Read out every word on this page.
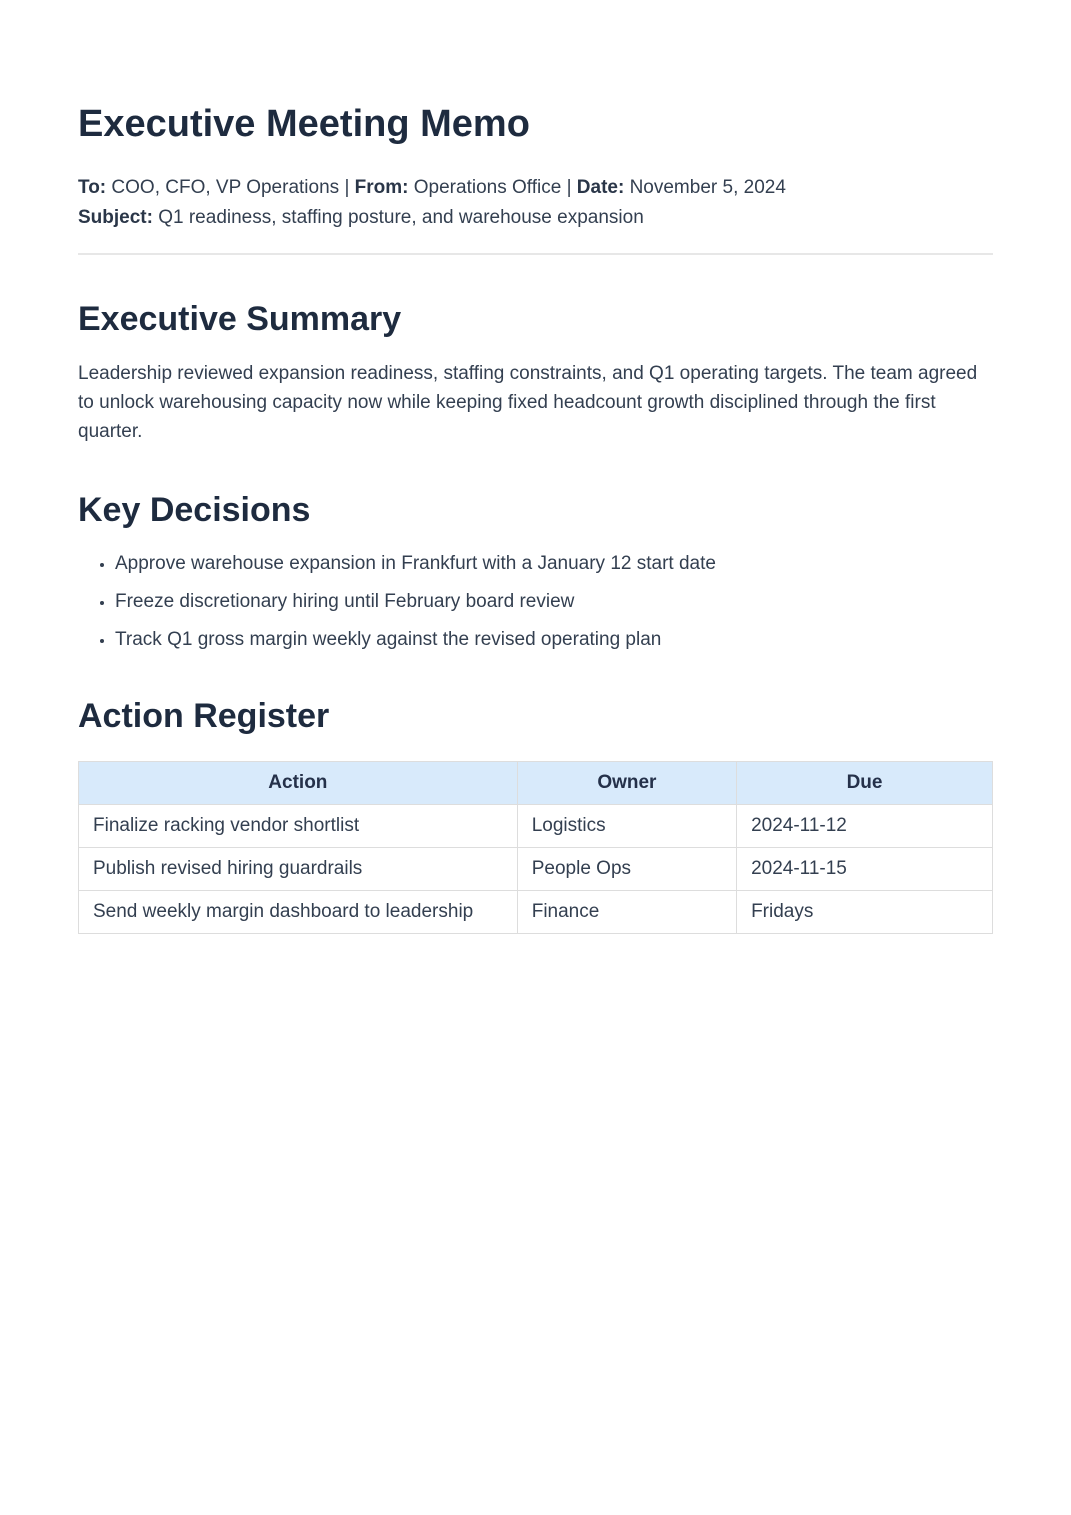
Executive Meeting Memo
To: COO, CFO, VP Operations | From: Operations Office | Date: November 5, 2024
Subject: Q1 readiness, staffing posture, and warehouse expansion
Executive Summary

Leadership reviewed expansion readiness, staffing constraints, and Q1 operating targets. The team agreed to unlock warehousing capacity now while keeping fixed headcount growth disciplined through the first quarter.

Key Decisions
• Approve warehouse expansion in Frankfurt with a January 12 start date
• Freeze discretionary hiring until February board review
• Track Q1 gross margin weekly against the revised operating plan
Action Register
Action	Owner	Due
Finalize racking vendor shortlist	Logistics	2024-11-12
Publish revised hiring guardrails	People Ops	2024-11-15
Send weekly margin dashboard to leadership	Finance	Fridays
